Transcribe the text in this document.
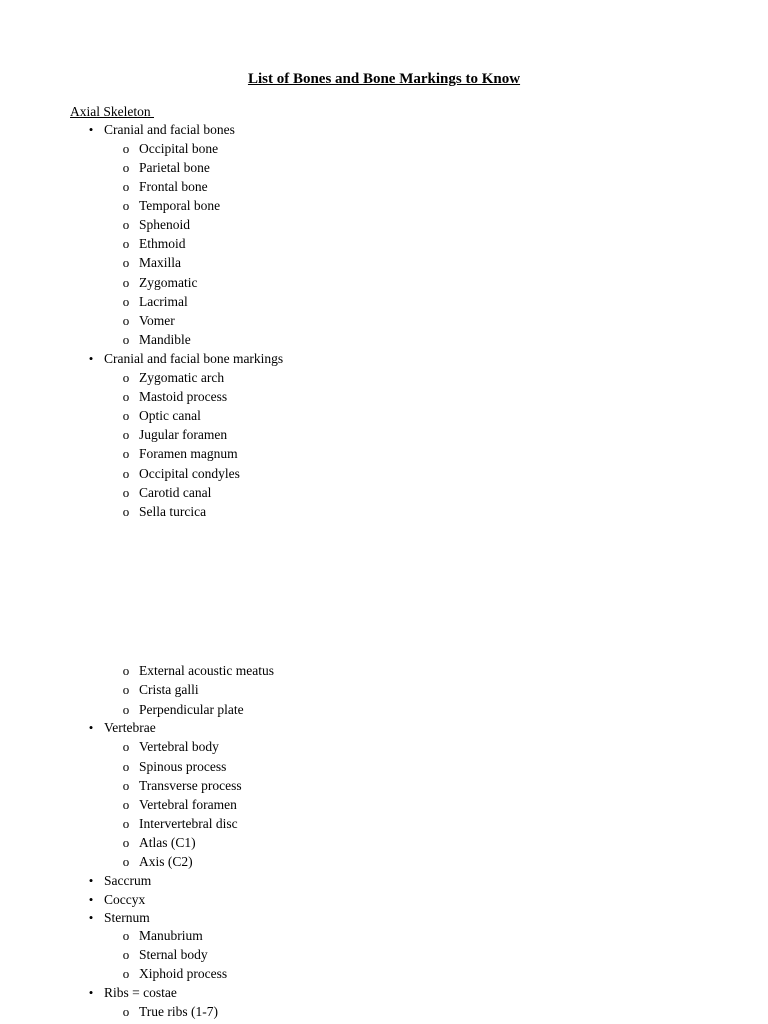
List of Bones and Bone Markings to Know
Axial Skeleton
• Cranial and facial bones
o Occipital bone
o Parietal bone
o Frontal bone
o Temporal bone
o Sphenoid
o Ethmoid
o Maxilla
o Zygomatic
o Lacrimal
o Vomer
o Mandible
• Cranial and facial bone markings
o Zygomatic arch
o Mastoid process
o Optic canal
o Jugular foramen
o Foramen magnum
o Occipital condyles
o Carotid canal
o Sella turcica
o External acoustic meatus
o Crista galli
o Perpendicular plate
• Vertebrae
o Vertebral body
o Spinous process
o Transverse process
o Vertebral foramen
o Intervertebral disc
o Atlas (C1)
o Axis (C2)
• Saccrum
• Coccyx
• Sternum
o Manubrium
o Sternal body
o Xiphoid process
• Ribs = costae
o True ribs (1-7)
